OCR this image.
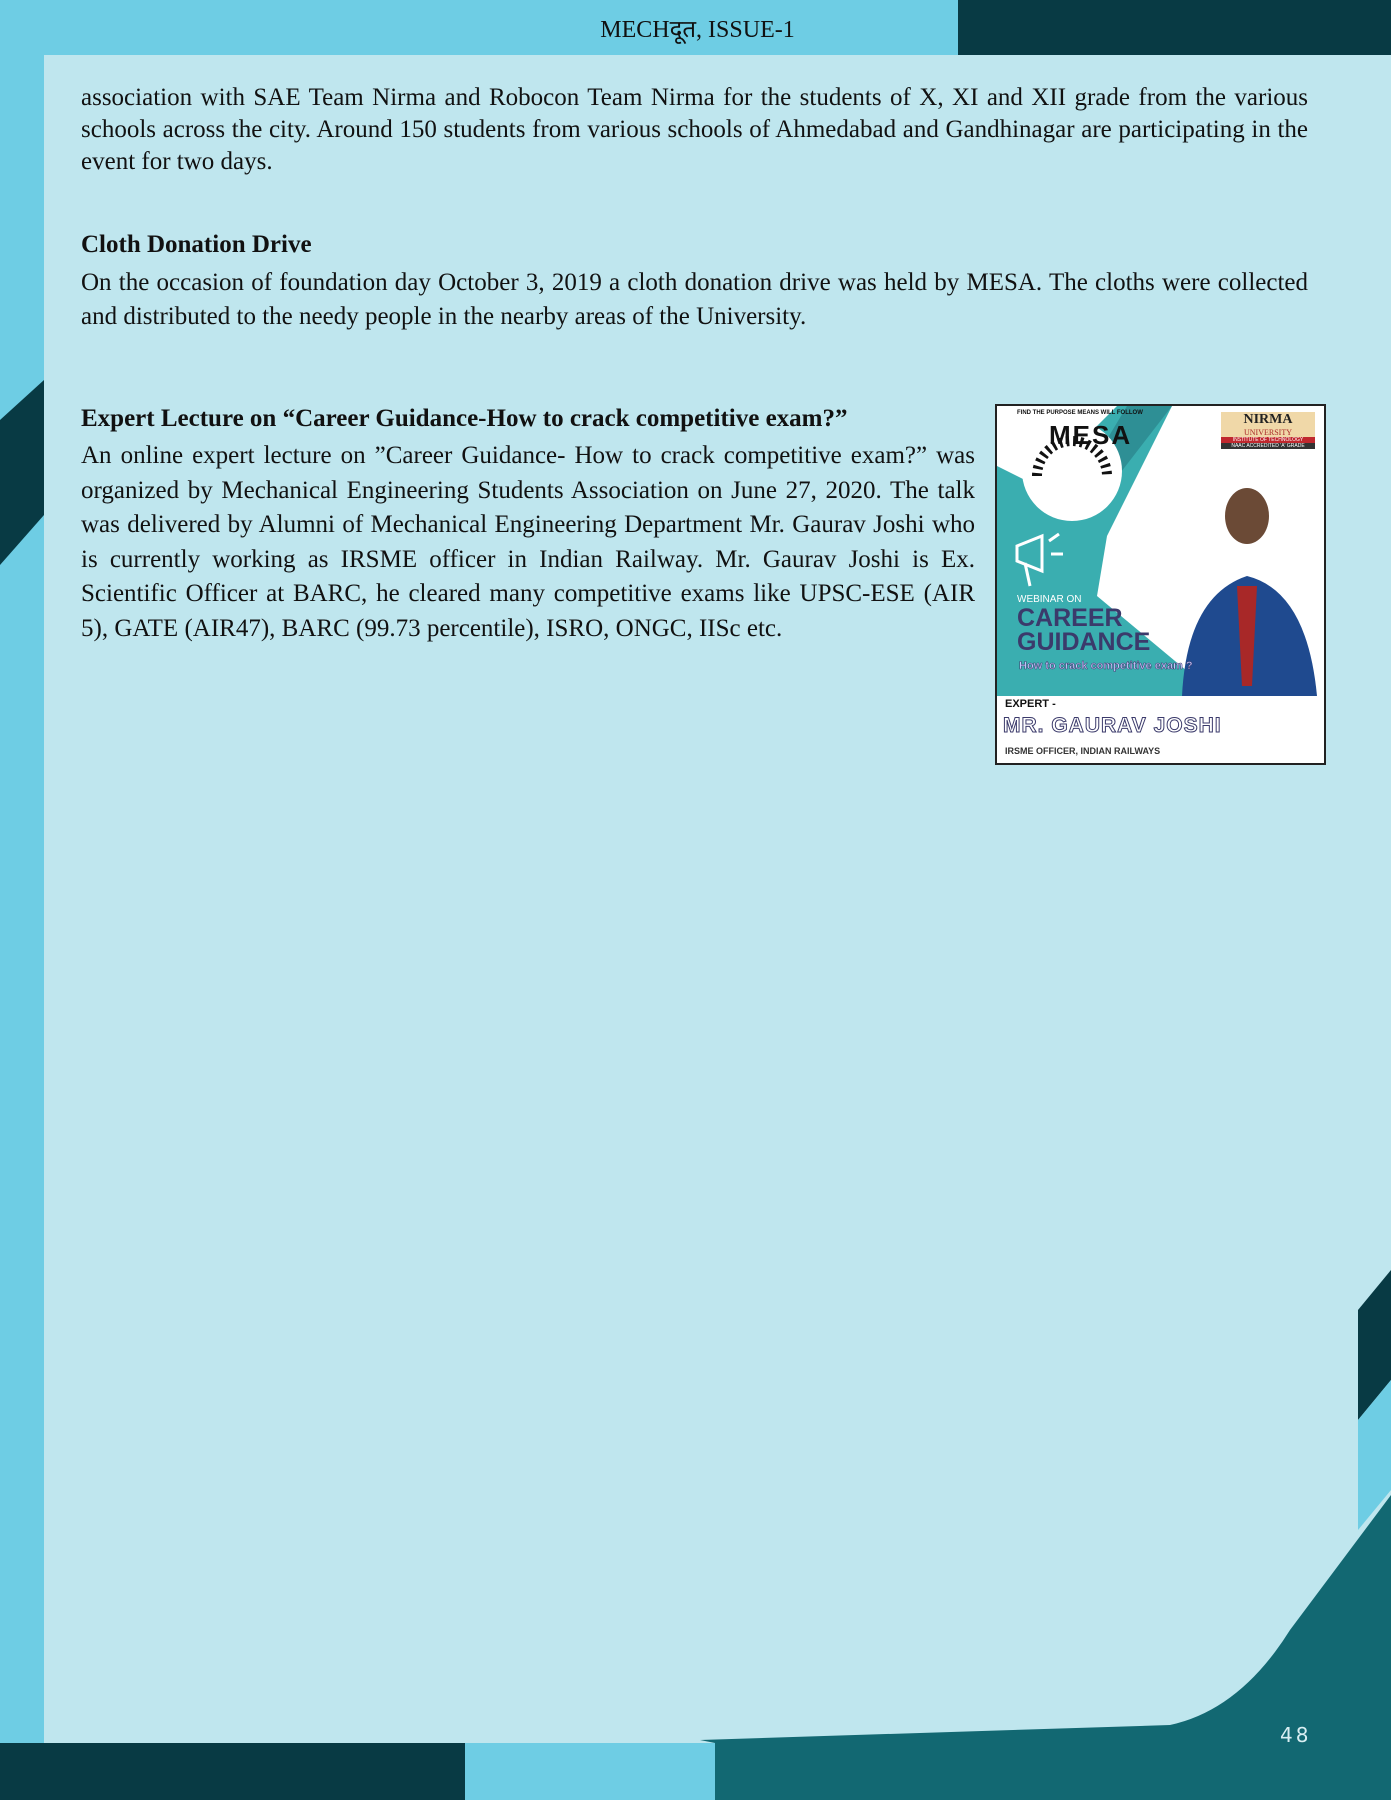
MECHदूत, ISSUE-1
association with SAE Team Nirma and Robocon Team Nirma for the students of X, XI and XII grade from the various schools across the city. Around 150 students from various schools of Ahmedabad and Gandhinagar are participating in the event for two days.
Cloth Donation Drive
On the occasion of foundation day October 3, 2019 a cloth donation drive was held by MESA. The cloths were collected and distributed to the needy people in the nearby areas of the University.
Expert Lecture on “Career Guidance-How to crack competitive exam?”
An online expert lecture on ”Career Guidance- How to crack competitive exam?” was organized by Mechanical Engineering Students Association on June 27, 2020. The talk was delivered by Alumni of Mechanical Engineering Department Mr. Gaurav Joshi who is currently working as IRSME officer in Indian Railway. Mr. Gaurav Joshi is Ex. Scientific Officer at BARC, he cleared many competitive exams like UPSC-ESE (AIR 5), GATE (AIR47), BARC (99.73 percentile), ISRO, ONGC, IISc etc.
MESA
FIND THE PURPOSE MEANS WILL FOLLOW	NIRMA
UNIVERSITY
INSTITUTE OF TECHNOLOGY
NAAC ACCREDITED 'A' GRADE
WEBINAR ON
CAREER
GUIDANCE
How to crack competitive exam ?
EXPERT -
MR. GAURAV JOSHI
IRSME OFFICER, INDIAN RAILWAYS
48
